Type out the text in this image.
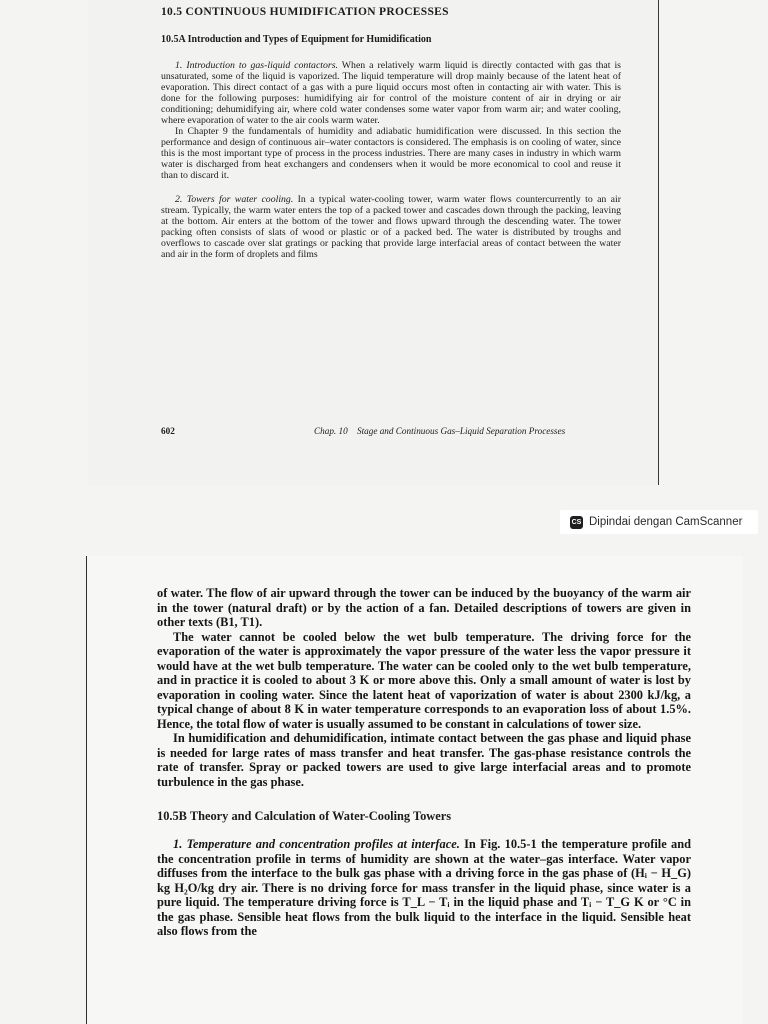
10.5 CONTINUOUS HUMIDIFICATION PROCESSES
10.5A Introduction and Types of Equipment for Humidification

1. Introduction to gas-liquid contactors. When a relatively warm liquid is directly contacted with gas that is unsaturated, some of the liquid is vaporized. The liquid temperature will drop mainly because of the latent heat of evaporation. This direct contact of a gas with a pure liquid occurs most often in contacting air with water. This is done for the following purposes: humidifying air for control of the moisture content of air in drying or air conditioning; dehumidifying air, where cold water condenses some water vapor from warm air; and water cooling, where evaporation of water to the air cools warm water.

In Chapter 9 the fundamentals of humidity and adiabatic humidification were discussed. In this section the performance and design of continuous air–water contactors is considered. The emphasis is on cooling of water, since this is the most important type of process in the process industries. There are many cases in industry in which warm water is discharged from heat exchangers and condensers when it would be more economical to cool and reuse it than to discard it.

2. Towers for water cooling. In a typical water-cooling tower, warm water flows countercurrently to an air stream. Typically, the warm water enters the top of a packed tower and cascades down through the packing, leaving at the bottom. Air enters at the bottom of the tower and flows upward through the descending water. The tower packing often consists of slats of wood or plastic or of a packed bed. The water is distributed by troughs and overflows to cascade over slat gratings or packing that provide large interfacial areas of contact between the water and air in the form of droplets and films

602	Chap. 10 Stage and Continuous Gas–Liquid Separation Processes
CS Dipindai dengan CamScanner

of water. The flow of air upward through the tower can be induced by the buoyancy of the warm air in the tower (natural draft) or by the action of a fan. Detailed descriptions of towers are given in other texts (B1, T1).

The water cannot be cooled below the wet bulb temperature. The driving force for the evaporation of the water is approximately the vapor pressure of the water less the vapor pressure it would have at the wet bulb temperature. The water can be cooled only to the wet bulb temperature, and in practice it is cooled to about 3 K or more above this. Only a small amount of water is lost by evaporation in cooling water. Since the latent heat of vaporization of water is about 2300 kJ/kg, a typical change of about 8 K in water temperature corresponds to an evaporation loss of about 1.5%. Hence, the total flow of water is usually assumed to be constant in calculations of tower size.

In humidification and dehumidification, intimate contact between the gas phase and liquid phase is needed for large rates of mass transfer and heat transfer. The gas-phase resistance controls the rate of transfer. Spray or packed towers are used to give large interfacial areas and to promote turbulence in the gas phase.

10.5B Theory and Calculation of Water-Cooling Towers

1. Temperature and concentration profiles at interface. In Fig. 10.5-1 the temperature profile and the concentration profile in terms of humidity are shown at the water–gas interface. Water vapor diffuses from the interface to the bulk gas phase with a driving force in the gas phase of (Hᵢ − H_G) kg H₂O/kg dry air. There is no driving force for mass transfer in the liquid phase, since water is a pure liquid. The temperature driving force is T_L − Tᵢ in the liquid phase and Tᵢ − T_G K or °C in the gas phase. Sensible heat flows from the bulk liquid to the interface in the liquid. Sensible heat also flows from the
